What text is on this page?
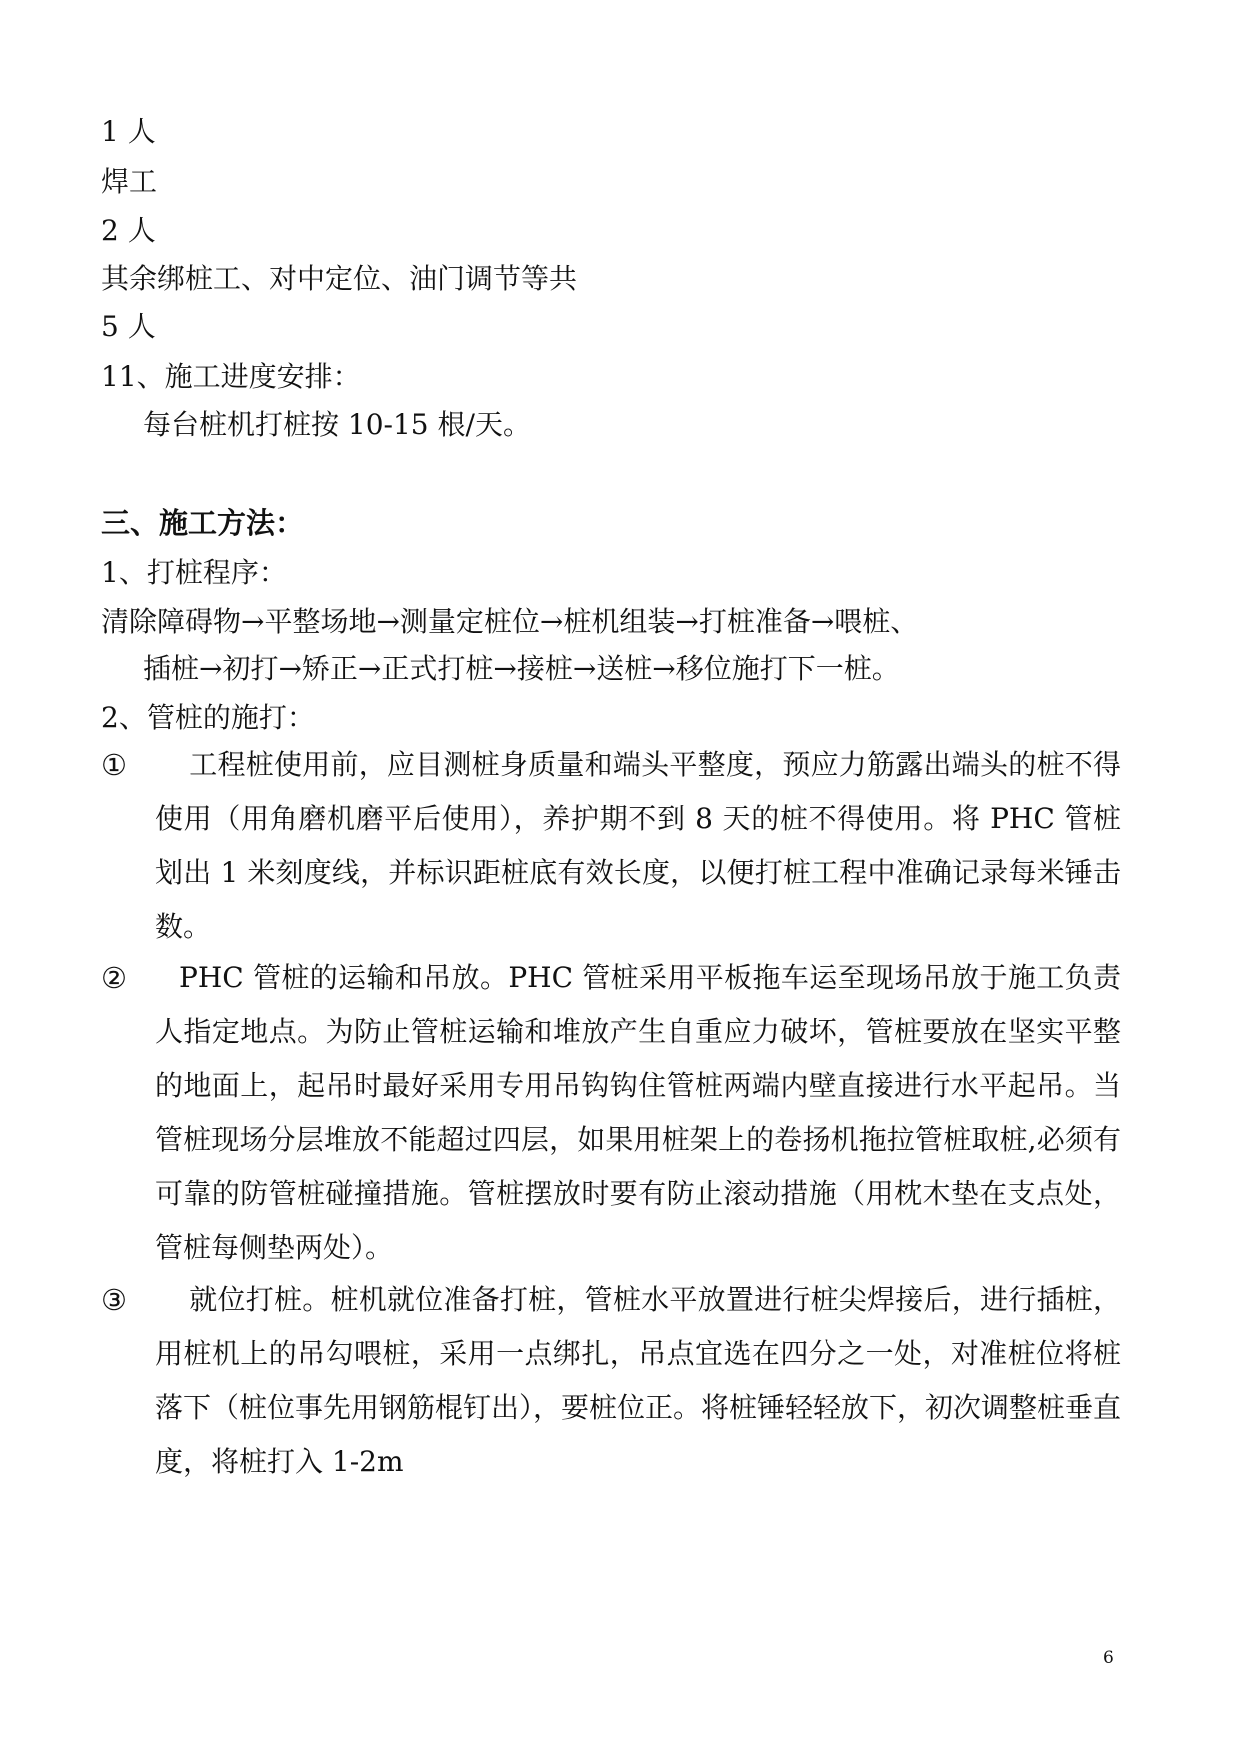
1 人
焊工
2 人
其余绑桩工、对中定位、油门调节等共
5 人
11、施工进度安排：
每台桩机打桩按 10-15 根/天。
三、施工方法：
1、打桩程序：
清除障碍物→平整场地→测量定桩位→桩机组装→打桩准备→喂桩、
插桩→初打→矫正→正式打桩→接桩→送桩→移位施打下一桩。
2、管桩的施打：
①	工程桩使用前，应目测桩身质量和端头平整度，预应力筋露出端头的桩不得使用（用角磨机磨平后使用），养护期不到 8 天的桩不得使用。将 PHC 管桩划出 1 米刻度线，并标识距桩底有效长度，以便打桩工程中准确记录每米锤击数。
②	PHC 管桩的运输和吊放。PHC 管桩采用平板拖车运至现场吊放于施工负责人指定地点。为防止管桩运输和堆放产生自重应力破坏，管桩要放在坚实平整的地面上，起吊时最好采用专用吊钩钩住管桩两端内壁直接进行水平起吊。当管桩现场分层堆放不能超过四层，如果用桩架上的卷扬机拖拉管桩取桩,必须有可靠的防管桩碰撞措施。管桩摆放时要有防止滚动措施（用枕木垫在支点处，管桩每侧垫两处）。
③	就位打桩。桩机就位准备打桩，管桩水平放置进行桩尖焊接后，进行插桩，用桩机上的吊勾喂桩，采用一点绑扎，吊点宜选在四分之一处，对准桩位将桩落下（桩位事先用钢筋棍钉出），要桩位正。将桩锤轻轻放下，初次调整桩垂直度，将桩打入 1-2m
6
